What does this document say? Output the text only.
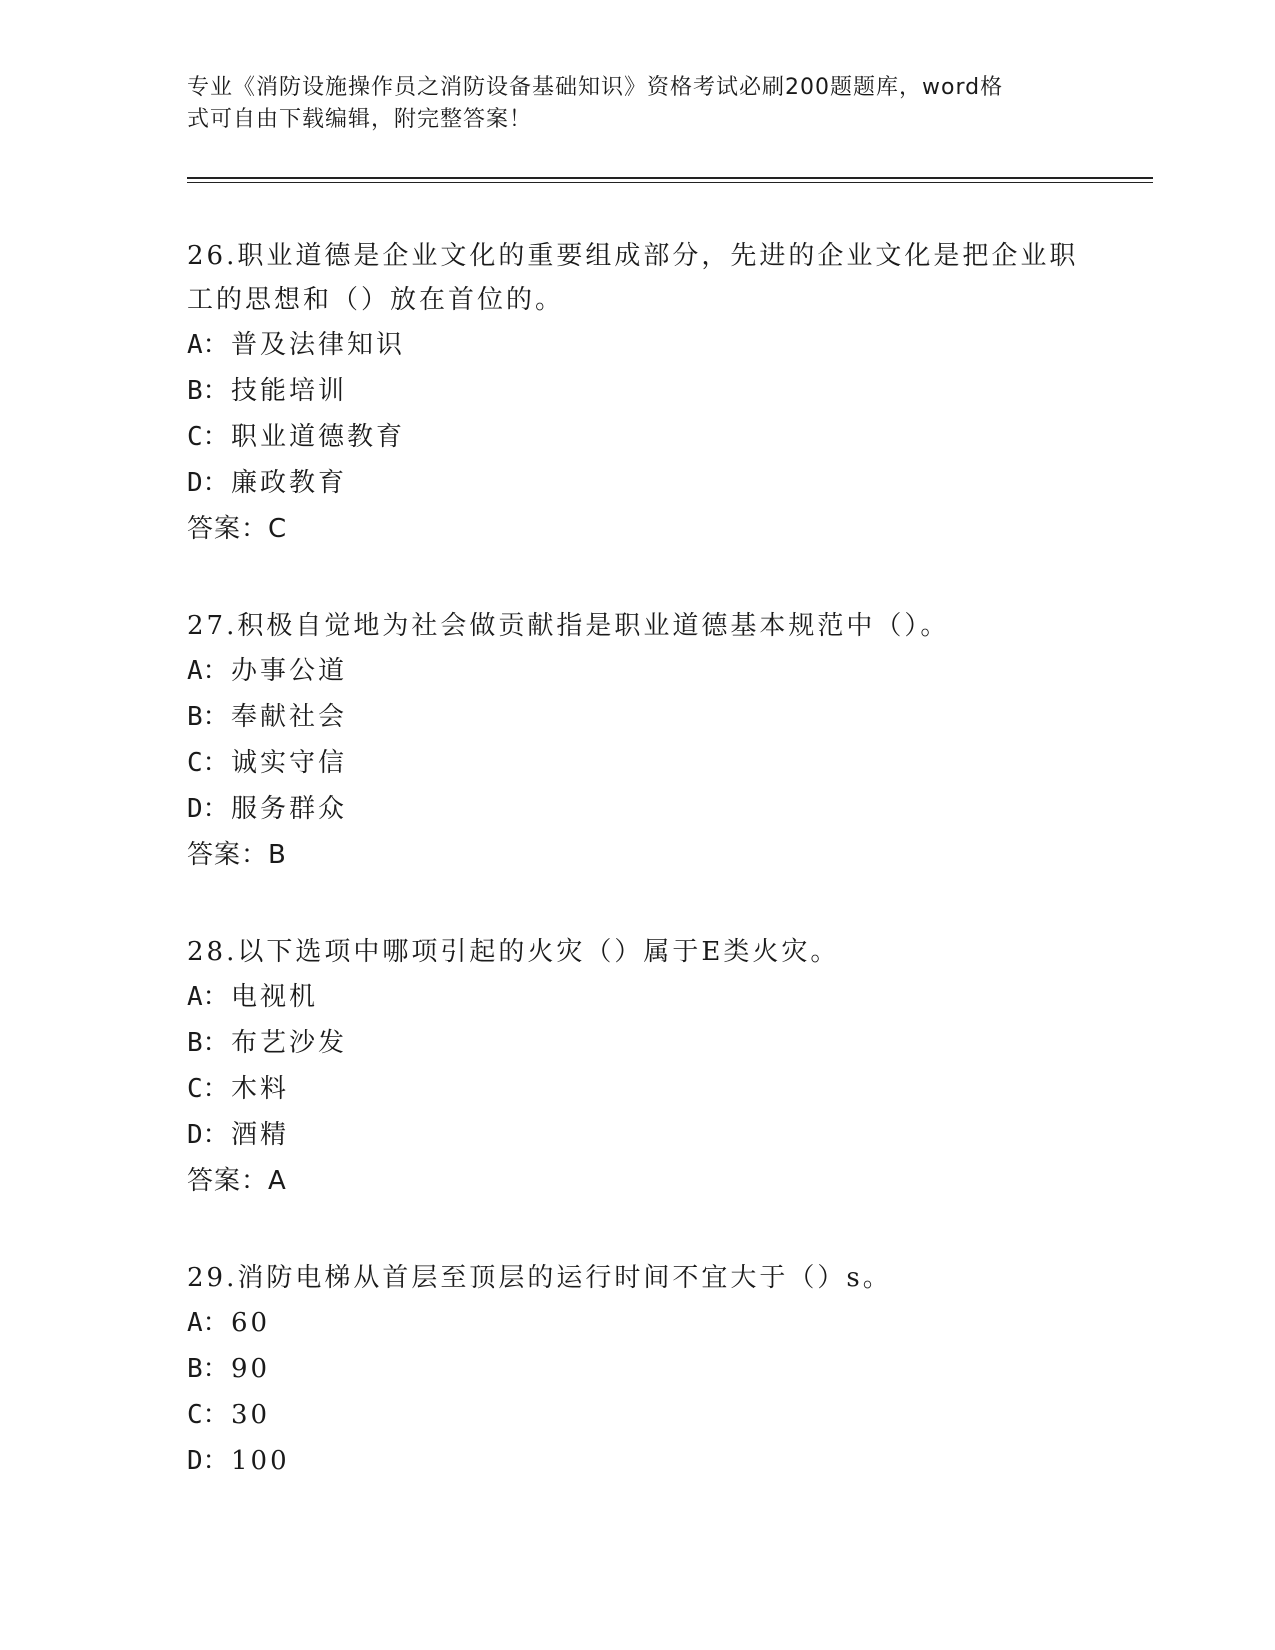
专业《消防设施操作员之消防设备基础知识》资格考试必刷200题题库，word格
式可自由下载编辑，附完整答案！
26.职业道德是企业文化的重要组成部分，先进的企业文化是把企业职
工的思想和（）放在首位的。
A： 普及法律知识
B： 技能培训
C： 职业道德教育
D： 廉政教育
答案：C
27.积极自觉地为社会做贡献指是职业道德基本规范中（）。
A： 办事公道
B： 奉献社会
C： 诚实守信
D： 服务群众
答案：B
28.以下选项中哪项引起的火灾（）属于E类火灾。
A： 电视机
B： 布艺沙发
C： 木料
D： 酒精
答案：A
29.消防电梯从首层至顶层的运行时间不宜大于（）s。
A： 60
B： 90
C： 30
D： 100
